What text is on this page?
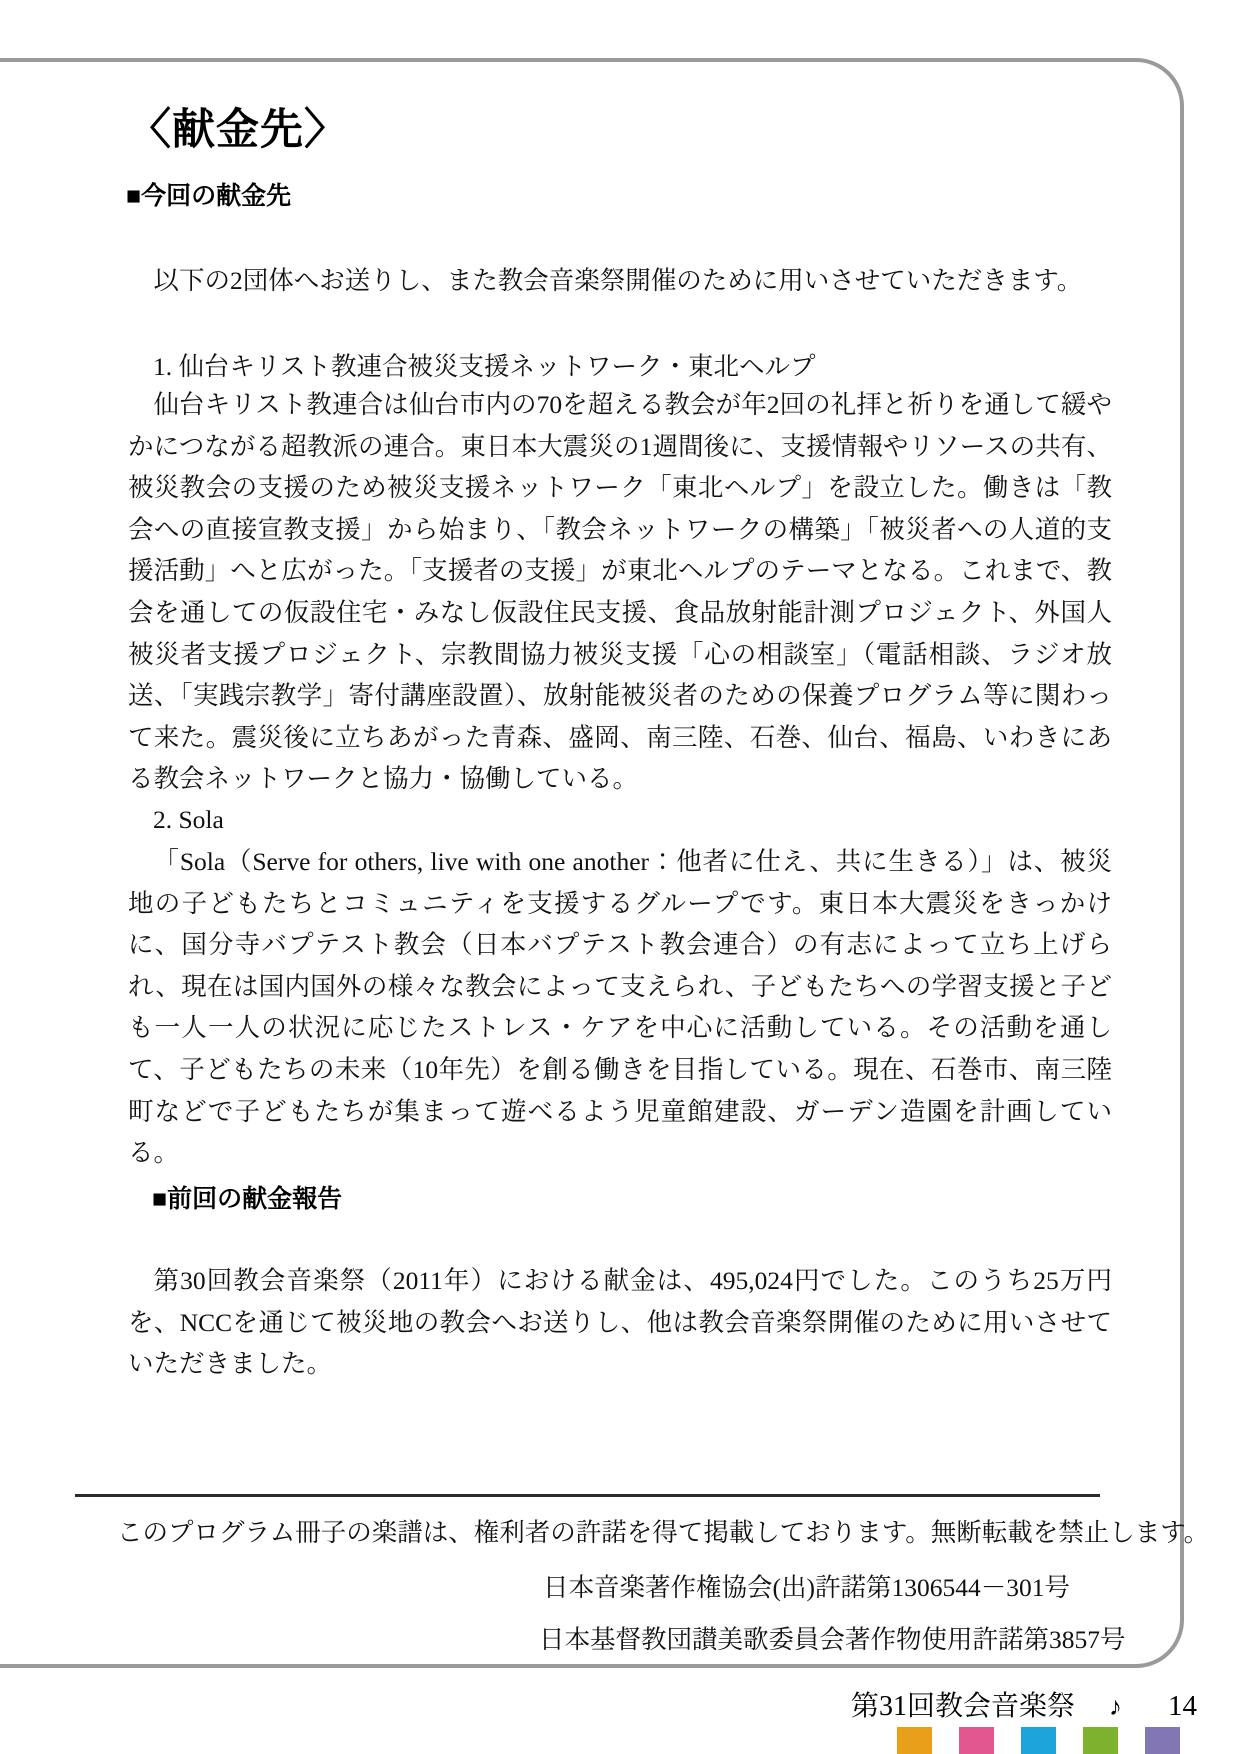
〈献金先〉
■今回の献金先
以下の2団体へお送りし、また教会音楽祭開催のために用いさせていただきます。
1. 仙台キリスト教連合被災支援ネットワーク・東北ヘルプ
仙台キリスト教連合は仙台市内の70を超える教会が年2回の礼拝と祈りを通して緩やかにつながる超教派の連合。東日本大震災の1週間後に、支援情報やリソースの共有、被災教会の支援のため被災支援ネットワーク「東北ヘルプ」を設立した。働きは「教会への直接宣教支援」から始まり、「教会ネットワークの構築」「被災者への人道的支援活動」へと広がった。「支援者の支援」が東北ヘルプのテーマとなる。これまで、教会を通しての仮設住宅・みなし仮設住民支援、食品放射能計測プロジェクト、外国人被災者支援プロジェクト、宗教間協力被災支援「心の相談室」（電話相談、ラジオ放送、「実践宗教学」寄付講座設置）、放射能被災者のための保養プログラム等に関わって来た。震災後に立ちあがった青森、盛岡、南三陸、石巻、仙台、福島、いわきにある教会ネットワークと協力・協働している。
2. Sola
「Sola（Serve for others, live with one another：他者に仕え、共に生きる）」は、被災地の子どもたちとコミュニティを支援するグループです。東日本大震災をきっかけに、国分寺バプテスト教会（日本バプテスト教会連合）の有志によって立ち上げられ、現在は国内国外の様々な教会によって支えられ、子どもたちへの学習支援と子ども一人一人の状況に応じたストレス・ケアを中心に活動している。その活動を通して、子どもたちの未来（10年先）を創る働きを目指している。現在、石巻市、南三陸町などで子どもたちが集まって遊べるよう児童館建設、ガーデン造園を計画している。
■前回の献金報告
第30回教会音楽祭（2011年）における献金は、495,024円でした。このうち25万円を、NCCを通じて被災地の教会へお送りし、他は教会音楽祭開催のために用いさせていただきました。
このプログラム冊子の楽譜は、権利者の許諾を得て掲載しております。無断転載を禁止します。
日本音楽著作権協会(出)許諾第1306544－301号
日本基督教団讃美歌委員会著作物使用許諾第3857号
第31回教会音楽祭 ♪ 14
